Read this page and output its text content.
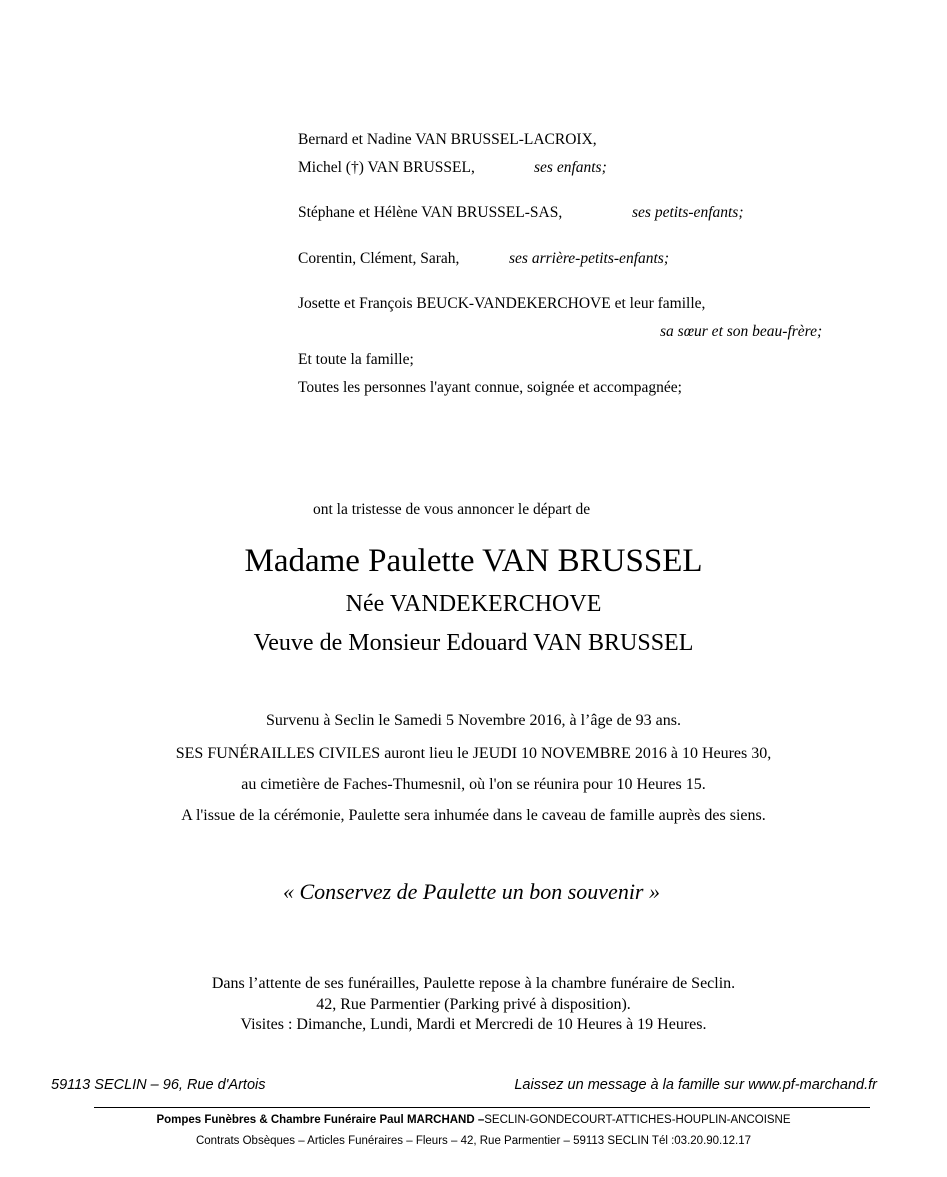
Bernard et Nadine VAN BRUSSEL-LACROIX,
Michel (†) VAN BRUSSEL,	ses enfants;
Stéphane et Hélène VAN BRUSSEL-SAS,	ses petits-enfants;
Corentin, Clément, Sarah,	ses arrière-petits-enfants;
Josette et François BEUCK-VANDEKERCHOVE et leur famille,
sa sœur et son beau-frère;
Et toute la famille;
Toutes les personnes l'ayant connue, soignée et accompagnée;
ont la tristesse de vous annoncer le départ de
Madame Paulette VAN BRUSSEL
Née VANDEKERCHOVE
Veuve de Monsieur Edouard VAN BRUSSEL
Survenu à Seclin le Samedi 5 Novembre 2016, à l’âge de 93 ans.
SES FUNÉRAILLES CIVILES auront lieu le JEUDI 10 NOVEMBRE 2016 à 10 Heures 30,
au cimetière de Faches-Thumesnil, où l'on se réunira pour 10 Heures 15.
A l'issue de la cérémonie, Paulette sera inhumée dans le caveau de famille auprès des siens.
« Conservez de Paulette un bon souvenir »
Dans l’attente de ses funérailles, Paulette repose à la chambre funéraire de Seclin.
42, Rue Parmentier (Parking privé à disposition).
Visites : Dimanche, Lundi, Mardi et Mercredi de 10 Heures à 19 Heures.
59113 SECLIN – 96, Rue d'Artois	Laissez un message à la famille sur www.pf-marchand.fr
Pompes Funèbres & Chambre Funéraire Paul MARCHAND –SECLIN-GONDECOURT-ATTICHES-HOUPLIN-ANCOISNE
Contrats Obsèques – Articles Funéraires – Fleurs – 42, Rue Parmentier – 59113 SECLIN Tél :03.20.90.12.17
